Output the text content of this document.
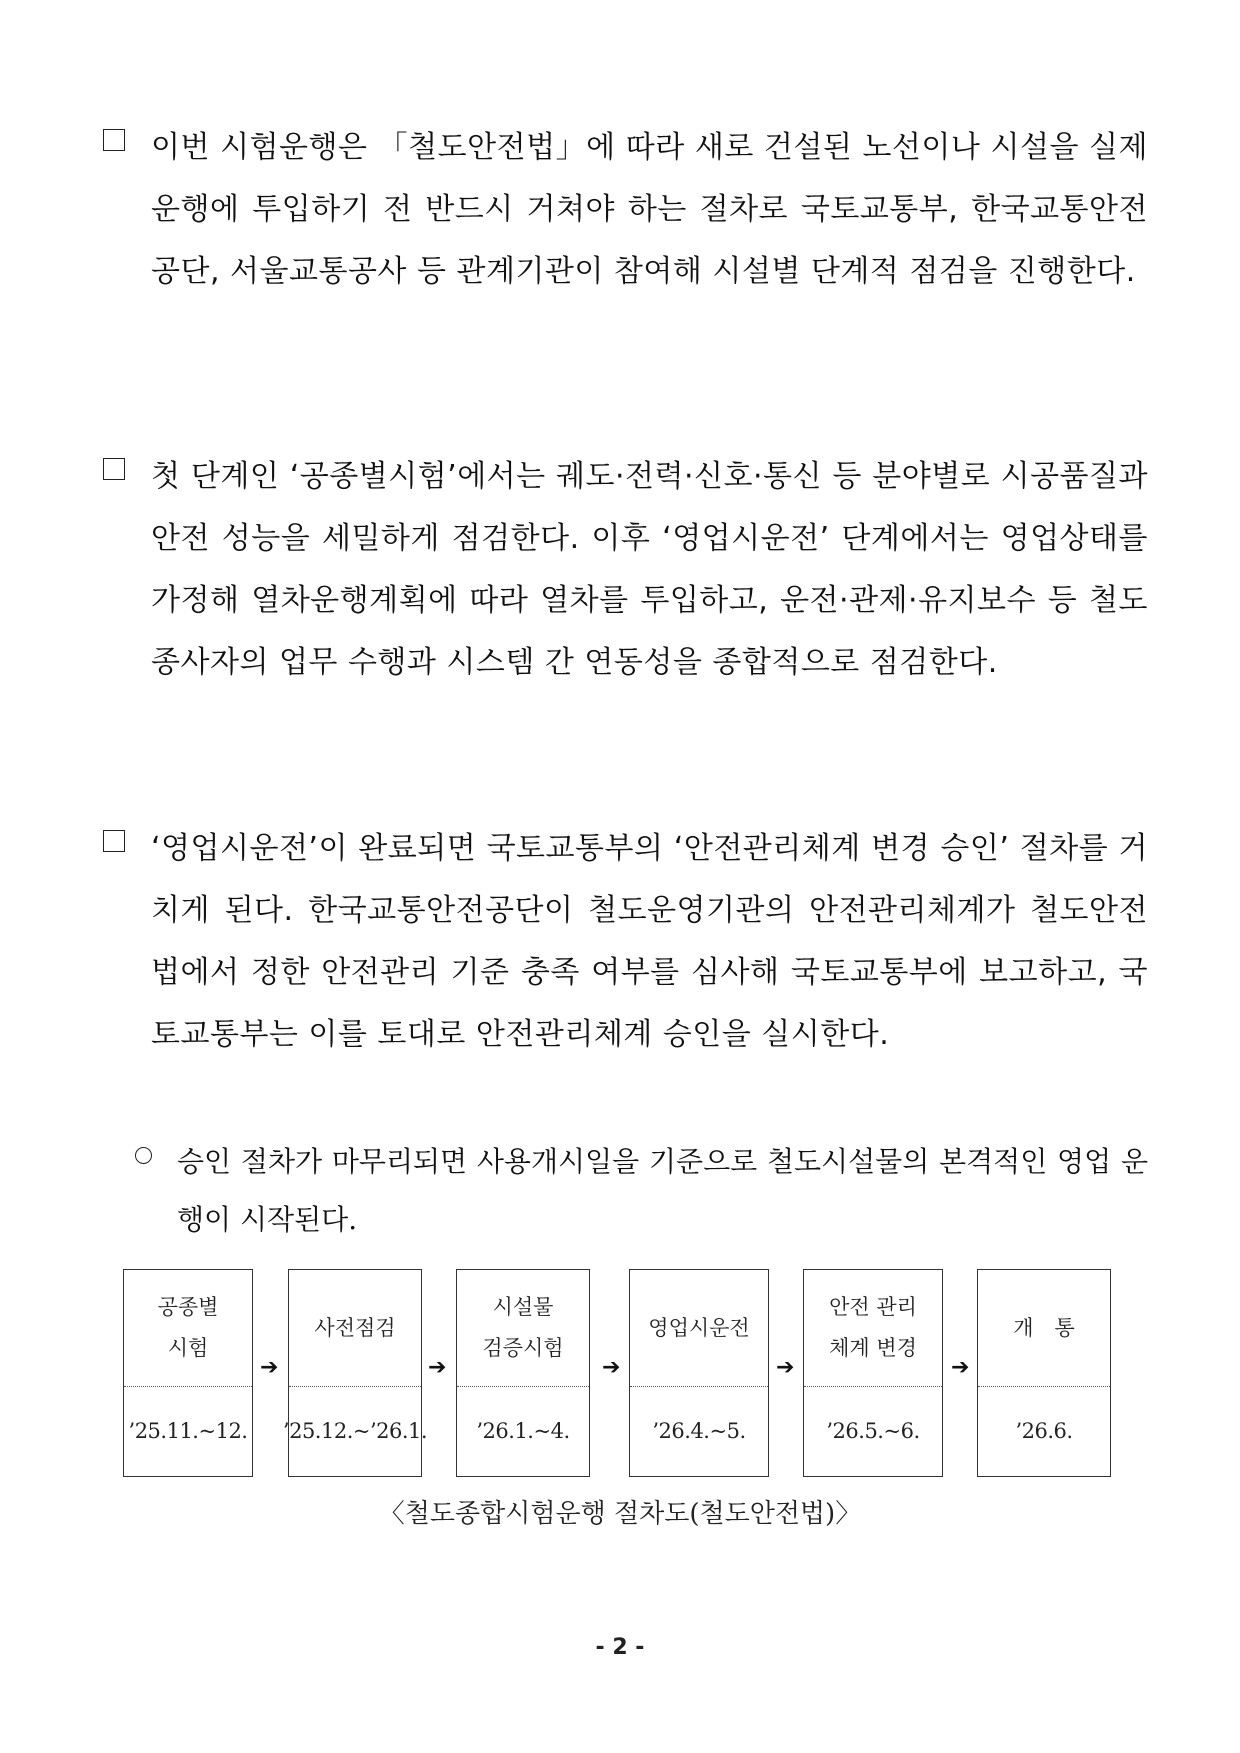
이번 시험운행은 「철도안전법」에 따라 새로 건설된 노선이나 시설을 실제 운행에 투입하기 전 반드시 거쳐야 하는 절차로 국토교통부, 한국교통안전공단, 서울교통공사 등 관계기관이 참여해 시설별 단계적 점검을 진행한다.
첫 단계인 ‘공종별시험’에서는 궤도·전력·신호·통신 등 분야별로 시공품질과 안전 성능을 세밀하게 점검한다. 이후 ‘영업시운전’ 단계에서는 영업상태를 가정해 열차운행계획에 따라 열차를 투입하고, 운전·관제·유지보수 등 철도 종사자의 업무 수행과 시스템 간 연동성을 종합적으로 점검한다.
‘영업시운전’이 완료되면 국토교통부의 ‘안전관리체계 변경 승인’ 절차를 거치게 된다. 한국교통안전공단이 철도운영기관의 안전관리체계가 철도안전법에서 정한 안전관리 기준 충족 여부를 심사해 국토교통부에 보고하고, 국토교통부는 이를 토대로 안전관리체계 승인을 실시한다.
승인 절차가 마무리되면 사용개시일을 기준으로 철도시설물의 본격적인 영업 운행이 시작된다.
공종별
시험
’25.11.~12.
➔
사전점검
’25.12.~’26.1.
➔
시설물
검증시험
’26.1.~4.
➔
영업시운전
’26.4.~5.
➔
안전 관리
체계 변경
’26.5.~6.
➔
개　통
’26.6.
〈철도종합시험운행 절차도(철도안전법)〉
- 2 -
